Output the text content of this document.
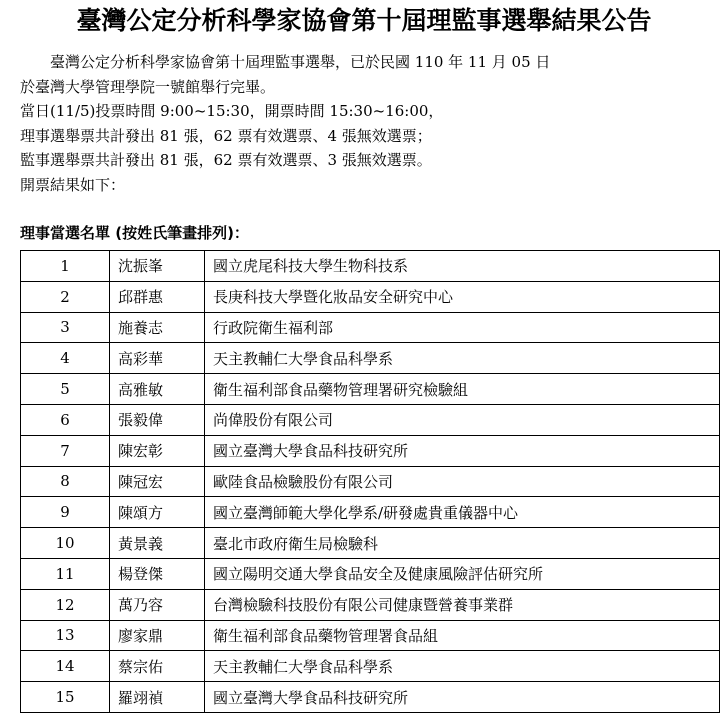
臺灣公定分析科學家協會第十屆理監事選舉結果公告
臺灣公定分析科學家協會第十屆理監事選舉，已於民國 110 年 11 月 05 日
於臺灣大學管理學院一號館舉行完畢。
當日(11/5)投票時間 9:00~15:30，開票時間 15:30~16:00，
理事選舉票共計發出 81 張，62 票有效選票、4 張無效選票；
監事選舉票共計發出 81 張，62 票有效選票、3 張無效選票。
開票結果如下：
理事當選名單 (按姓氏筆畫排列)：
1	沈振峯	國立虎尾科技大學生物科技系
2	邱群惠	長庚科技大學暨化妝品安全研究中心
3	施養志	行政院衛生福利部
4	高彩華	天主教輔仁大學食品科學系
5	高雅敏	衛生福利部食品藥物管理署研究檢驗組
6	張毅偉	尚偉股份有限公司
7	陳宏彰	國立臺灣大學食品科技研究所
8	陳冠宏	歐陸食品檢驗股份有限公司
9	陳頌方	國立臺灣師範大學化學系/研發處貴重儀器中心
10	黃景義	臺北市政府衛生局檢驗科
11	楊登傑	國立陽明交通大學食品安全及健康風險評估研究所
12	萬乃容	台灣檢驗科技股份有限公司健康暨營養事業群
13	廖家鼎	衛生福利部食品藥物管理署食品組
14	蔡宗佑	天主教輔仁大學食品科學系
15	羅翊禎	國立臺灣大學食品科技研究所
